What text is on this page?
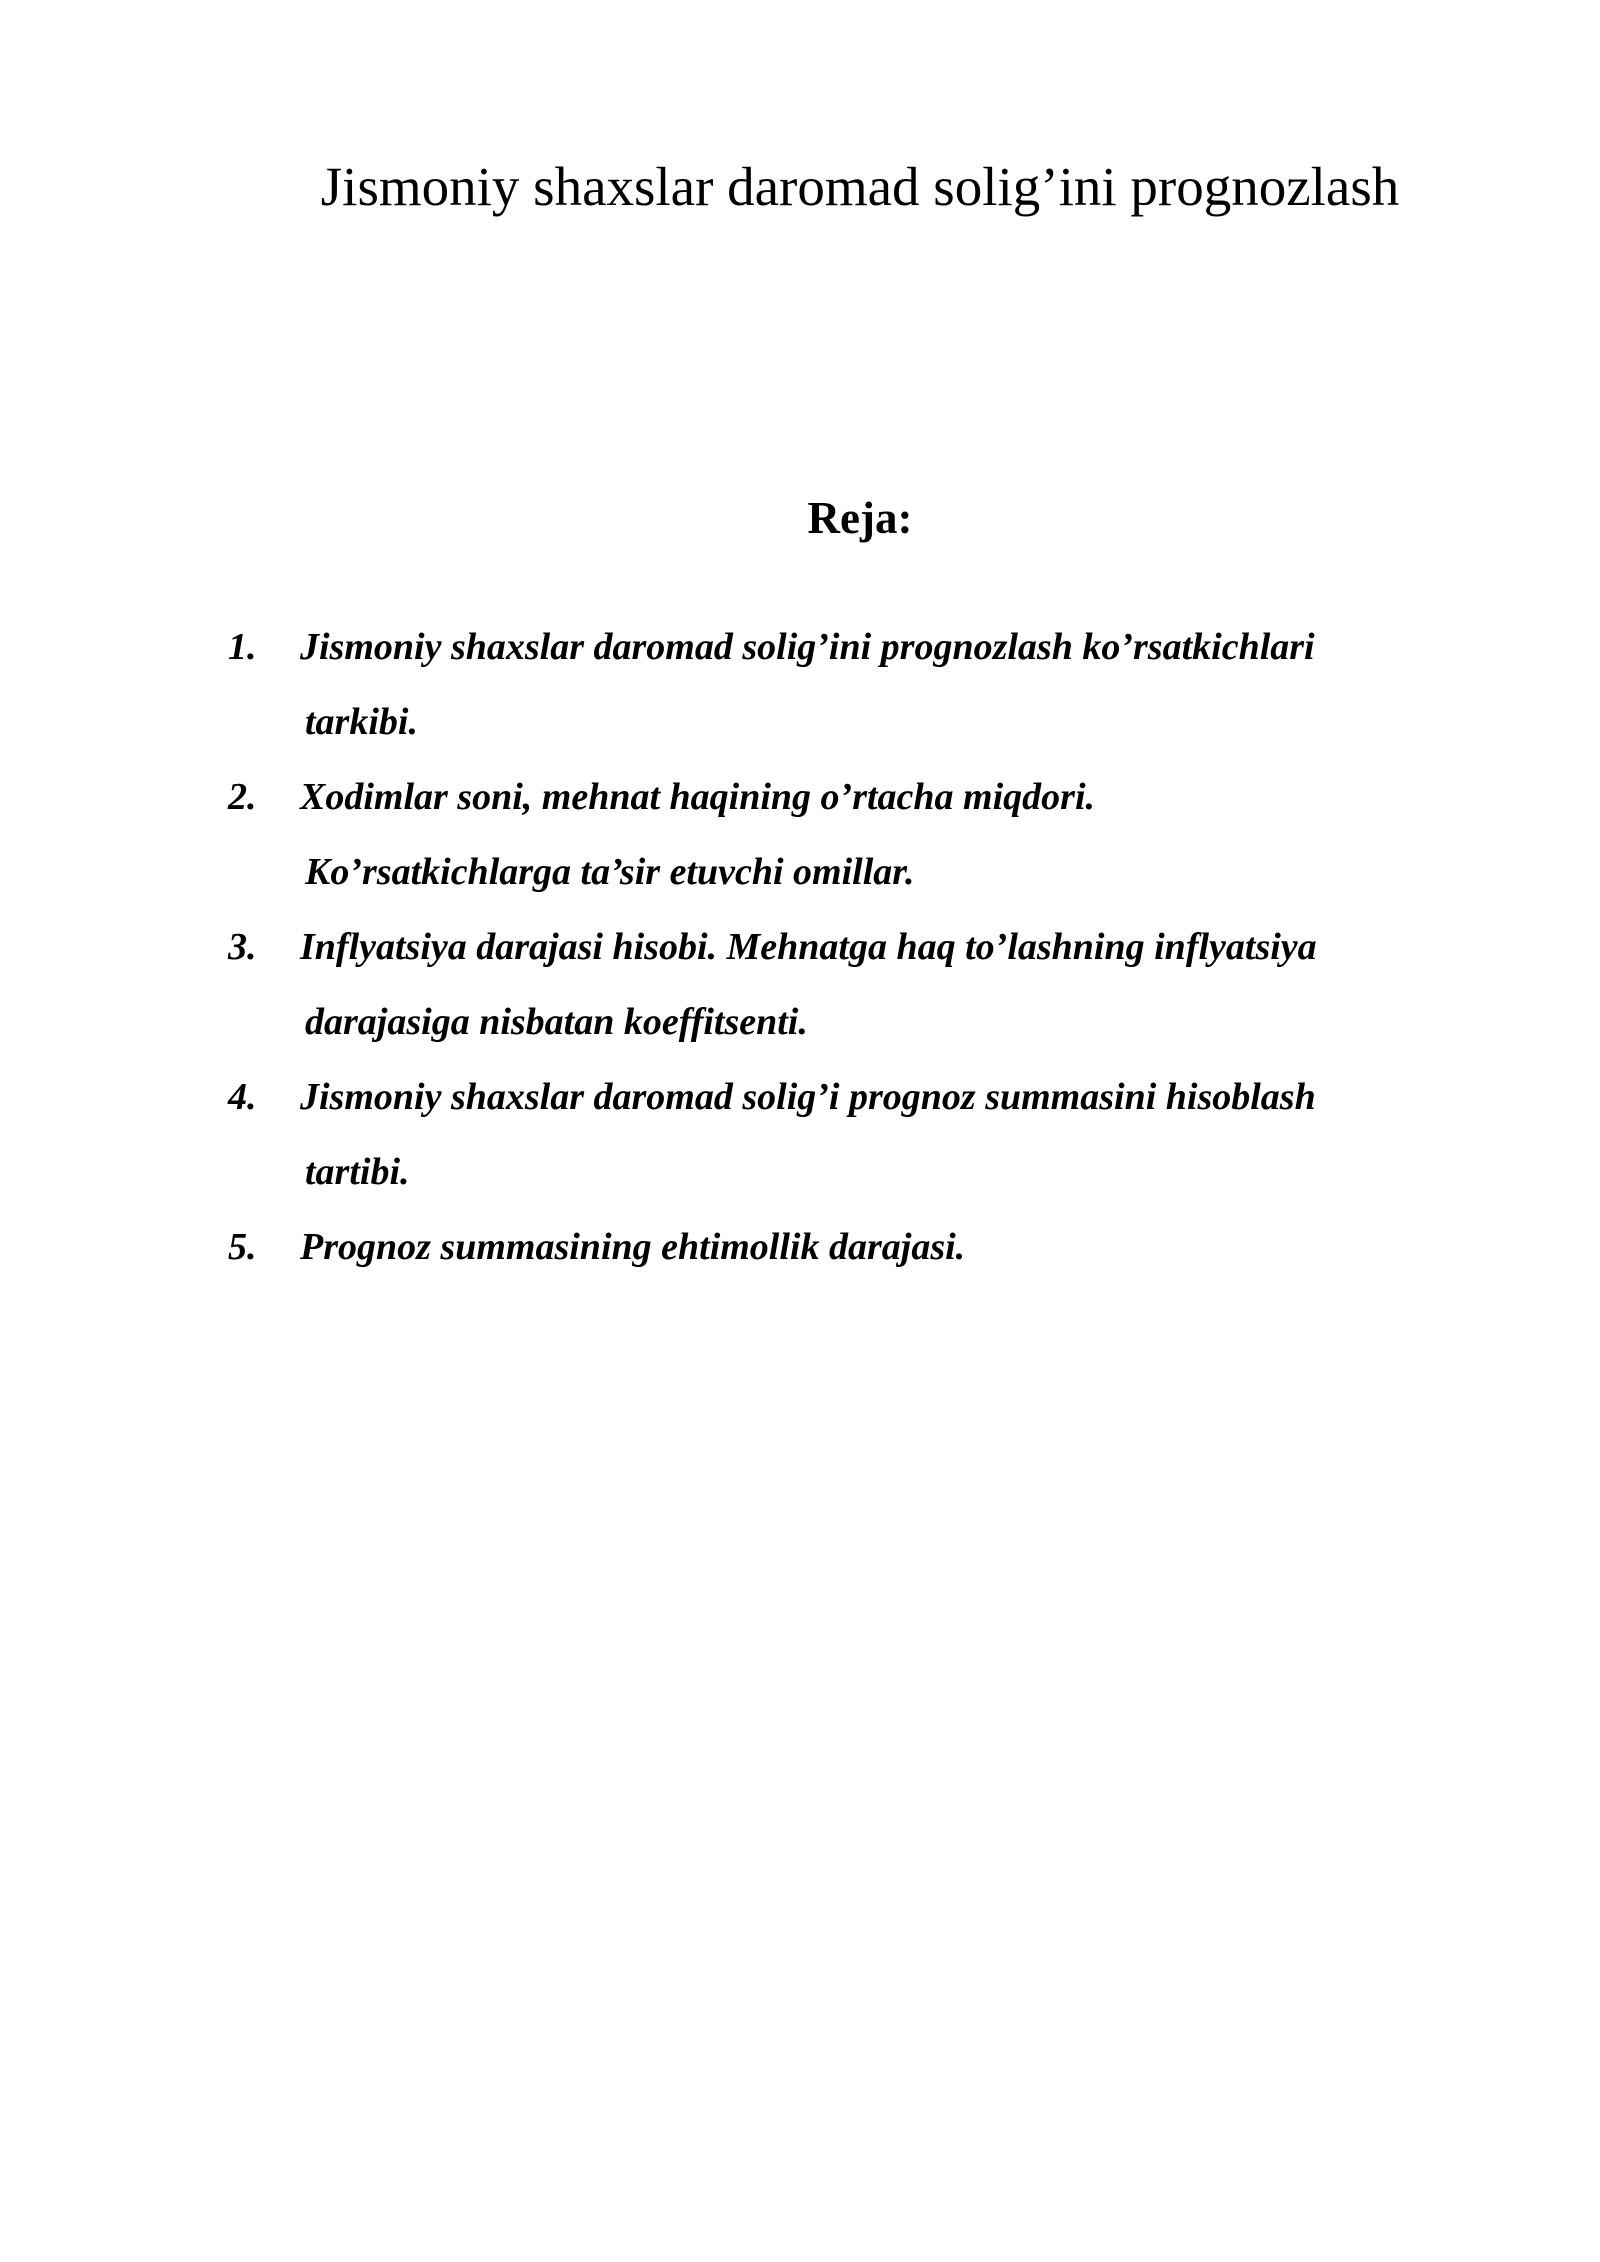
Jismoniy shaxslar daromad solig’ini prognozlash
Reja:
1. Jismoniy shaxslar daromad solig’ini prognozlash ko’rsatkichlari
tarkibi.
2. Xodimlar soni, mehnat haqining o’rtacha miqdori.
Ko’rsatkichlarga ta’sir etuvchi omillar.
3. Inflyatsiya darajasi hisobi. Mehnatga haq to’lashning inflyatsiya
darajasiga nisbatan koeffitsenti.
4. Jismoniy shaxslar daromad solig’i prognoz summasini hisoblash
tartibi.
5. Prognoz summasining ehtimollik darajasi.
